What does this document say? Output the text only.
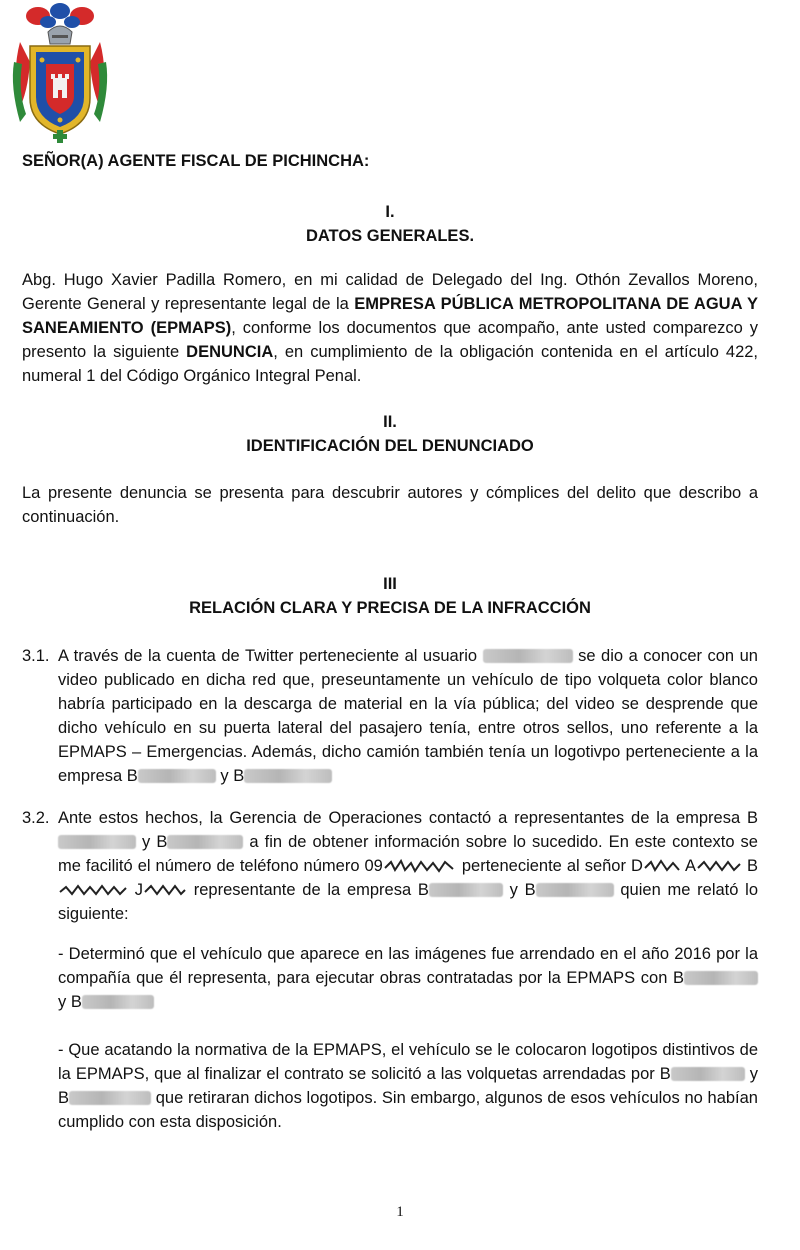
SEÑOR(A) AGENTE FISCAL DE PICHINCHA:
I.
DATOS GENERALES.
Abg. Hugo Xavier Padilla Romero, en mi calidad de Delegado del Ing. Othón Zevallos Moreno, Gerente General y representante legal de la EMPRESA PÚBLICA METROPOLITANA DE AGUA Y SANEAMIENTO (EPMAPS), conforme los documentos que acompaño, ante usted comparezco y presento la siguiente DENUNCIA, en cumplimiento de la obligación contenida en el artículo 422, numeral 1 del Código Orgánico Integral Penal.
II.
IDENTIFICACIÓN DEL DENUNCIADO
La presente denuncia se presenta para descubrir autores y cómplices del delito que describo a continuación.
III
RELACIÓN CLARA Y PRECISA DE LA INFRACCIÓN
3.1. A través de la cuenta de Twitter perteneciente al usuario	se dio a conocer con un video publicado en dicha red que, preseuntamente un vehículo de tipo volqueta color blanco habría participado en la descarga de material en la vía pública; del video se desprende que dicho vehículo en su puerta lateral del pasajero tenía, entre otros sellos, uno referente a la EPMAPS – Emergencias. Además, dicho camión también tenía un logotivpo perteneciente a la empresa B	y B
3.2. Ante estos hechos, la Gerencia de Operaciones contactó a representantes de la empresa B y B	a fin de obtener información sobre lo sucedido. En este contexto se me facilitó el número de teléfono número 09	perteneciente al señor D A	B J	representante de la empresa B	y B	quien me relató lo siguiente:
- Determinó que el vehículo que aparece en las imágenes fue arrendado en el año 2016 por la compañía que él representa, para ejecutar obras contratadas por la EPMAPS con B y B
- Que acatando la normativa de la EPMAPS, el vehículo se le colocaron logotipos distintivos de la EPMAPS, que al finalizar el contrato se solicitó a las volquetas arrendadas por B	y B	que retiraran dichos logotipos. Sin embargo, algunos de esos vehículos no habían cumplido con esta disposición.
1
